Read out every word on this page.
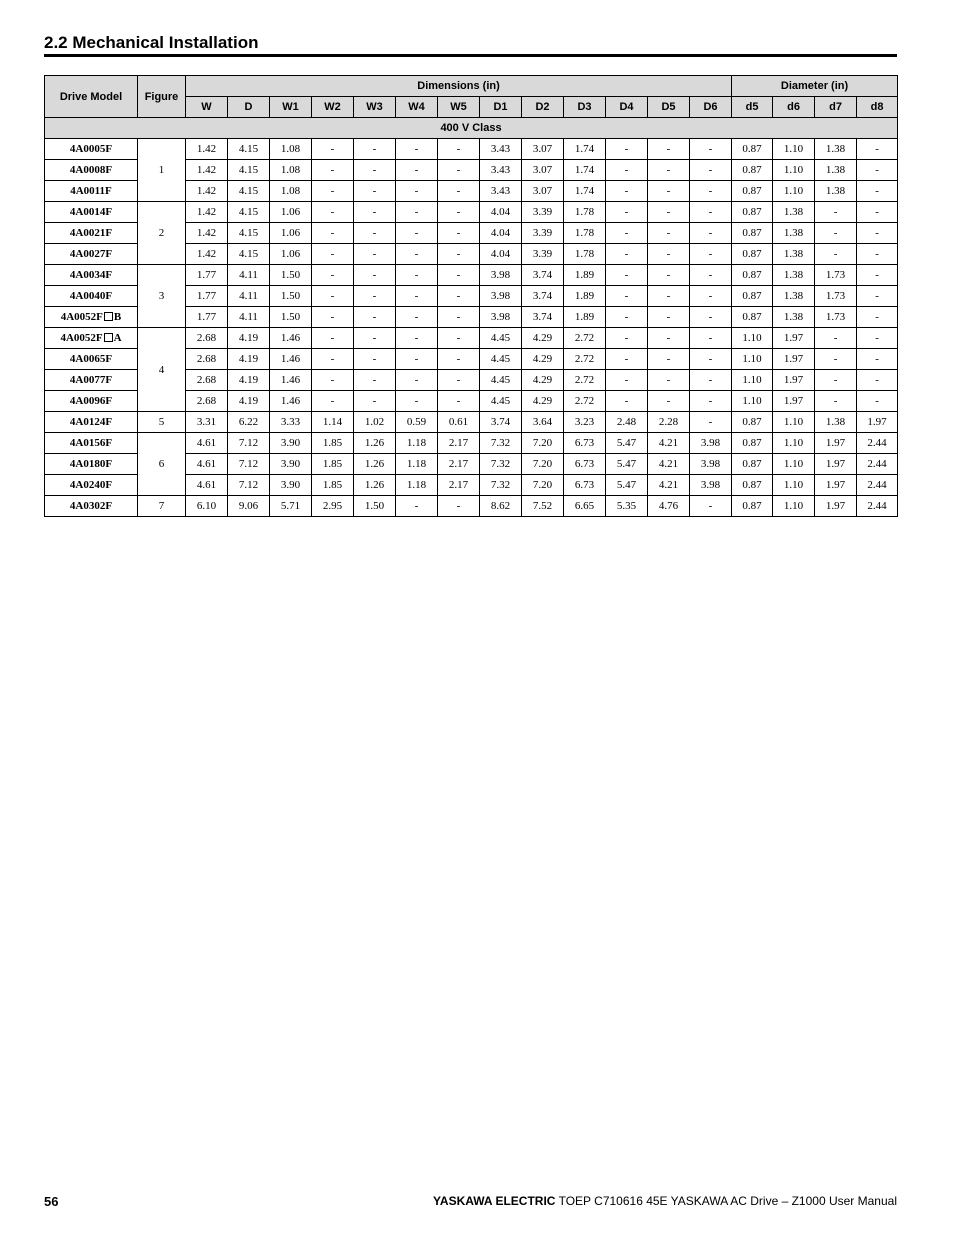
2.2 Mechanical Installation
Drive Model	Figure	Dimensions (in)													Diameter (in)			
		W	D	W1	W2	W3	W4	W5	D1	D2	D3	D4	D5	D6	d5	d6	d7	d8
400 V Class																		
4A0005F	1	1.42	4.15	1.08	-	-	-	-	3.43	3.07	1.74	-	-	-	0.87	1.10	1.38	-
4A0008F		1.42	4.15	1.08	-	-	-	-	3.43	3.07	1.74	-	-	-	0.87	1.10	1.38	-
4A0011F		1.42	4.15	1.08	-	-	-	-	3.43	3.07	1.74	-	-	-	0.87	1.10	1.38	-
4A0014F	2	1.42	4.15	1.06	-	-	-	-	4.04	3.39	1.78	-	-	-	0.87	1.38	-	-
4A0021F		1.42	4.15	1.06	-	-	-	-	4.04	3.39	1.78	-	-	-	0.87	1.38	-	-
4A0027F		1.42	4.15	1.06	-	-	-	-	4.04	3.39	1.78	-	-	-	0.87	1.38	-	-
4A0034F	3	1.77	4.11	1.50	-	-	-	-	3.98	3.74	1.89	-	-	-	0.87	1.38	1.73	-
4A0040F		1.77	4.11	1.50	-	-	-	-	3.98	3.74	1.89	-	-	-	0.87	1.38	1.73	-
4A0052F B		1.77	4.11	1.50	-	-	-	-	3.98	3.74	1.89	-	-	-	0.87	1.38	1.73	-
4A0052F A	4	2.68	4.19	1.46	-	-	-	-	4.45	4.29	2.72	-	-	-	1.10	1.97	-	-
4A0065F		2.68	4.19	1.46	-	-	-	-	4.45	4.29	2.72	-	-	-	1.10	1.97	-	-
4A0077F		2.68	4.19	1.46	-	-	-	-	4.45	4.29	2.72	-	-	-	1.10	1.97	-	-
4A0096F		2.68	4.19	1.46	-	-	-	-	4.45	4.29	2.72	-	-	-	1.10	1.97	-	-
4A0124F	5	3.31	6.22	3.33	1.14	1.02	0.59	0.61	3.74	3.64	3.23	2.48	2.28	-	0.87	1.10	1.38	1.97
4A0156F	6	4.61	7.12	3.90	1.85	1.26	1.18	2.17	7.32	7.20	6.73	5.47	4.21	3.98	0.87	1.10	1.97	2.44
4A0180F		4.61	7.12	3.90	1.85	1.26	1.18	2.17	7.32	7.20	6.73	5.47	4.21	3.98	0.87	1.10	1.97	2.44
4A0240F		4.61	7.12	3.90	1.85	1.26	1.18	2.17	7.32	7.20	6.73	5.47	4.21	3.98	0.87	1.10	1.97	2.44
4A0302F	7	6.10	9.06	5.71	2.95	1.50	-	-	8.62	7.52	6.65	5.35	4.76	-	0.87	1.10	1.97	2.44
56	YASKAWA ELECTRIC TOEP C710616 45E YASKAWA AC Drive – Z1000 User Manual
